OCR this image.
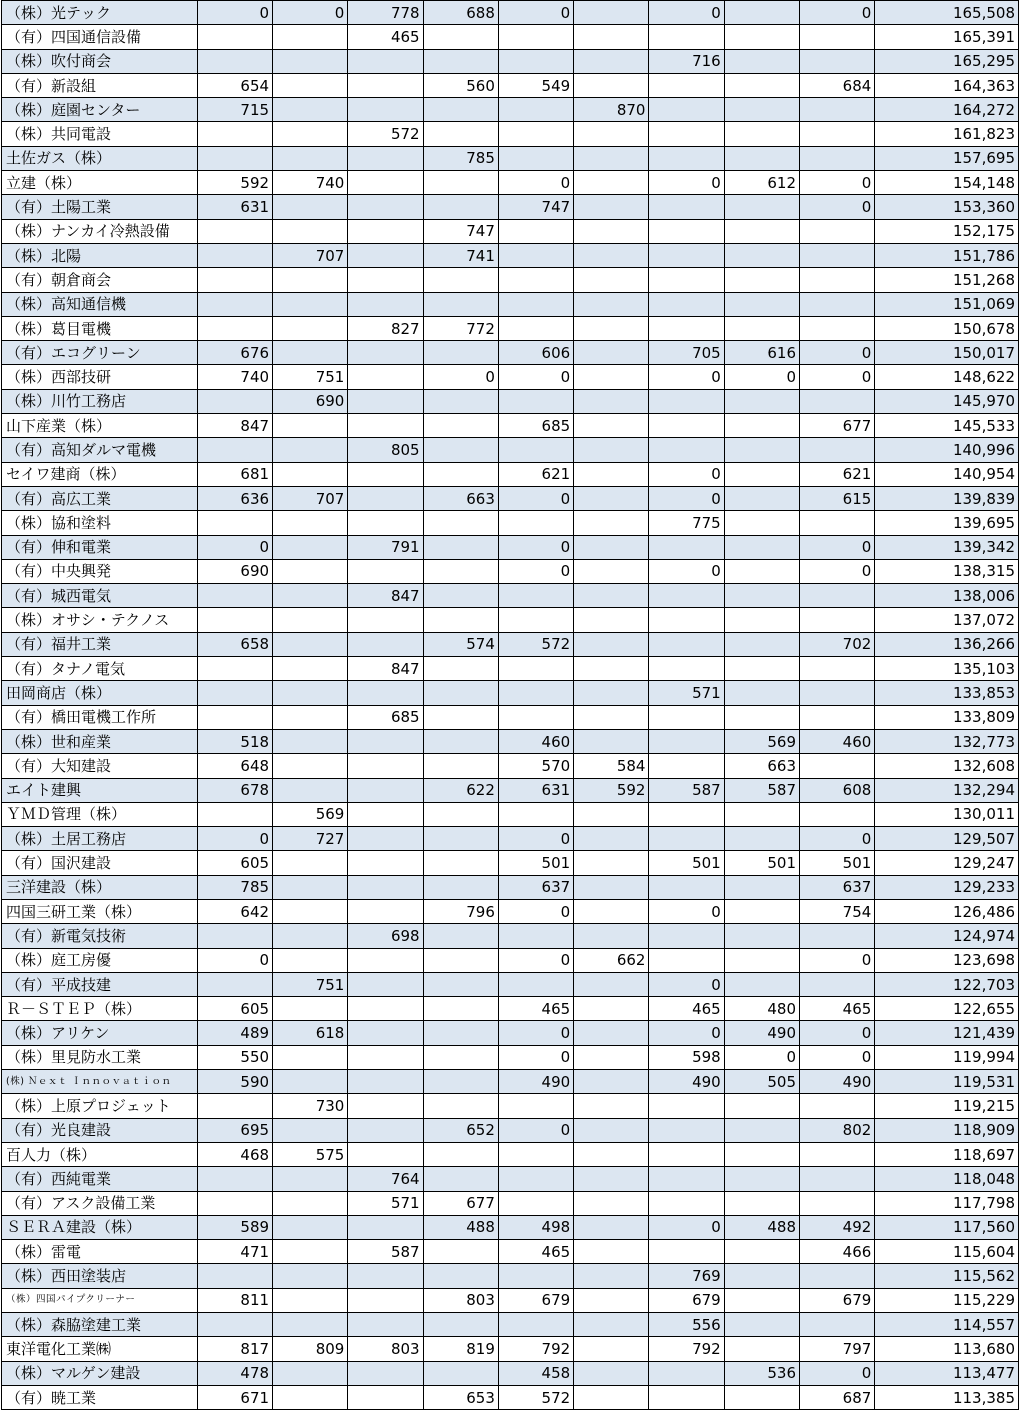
（株）光テック	0	0	778	688	0		0		0	165,508
（有）四国通信設備			465							165,391
（株）吹付商会							716			165,295
（有）新設組	654			560	549				684	164,363
（株）庭園センター	715					870				164,272
（株）共同電設			572							161,823
土佐ガス（株）				785						157,695
立建（株）	592	740			0		0	612	0	154,148
（有）土陽工業	631				747				0	153,360
（株）ナンカイ冷熱設備				747						152,175
（株）北陽		707		741						151,786
（有）朝倉商会										151,268
（株）高知通信機										151,069
（株）葛目電機			827	772						150,678
（有）エコグリーン	676				606		705	616	0	150,017
（株）西部技研	740	751		0	0		0	0	0	148,622
（株）川竹工務店		690								145,970
山下産業（株）	847				685				677	145,533
（有）高知ダルマ電機			805							140,996
セイワ建商（株）	681				621		0		621	140,954
（有）高広工業	636	707		663	0		0		615	139,839
（株）協和塗料							775			139,695
（有）伸和電業	0		791		0				0	139,342
（有）中央興発	690				0		0		0	138,315
（有）城西電気			847							138,006
（株）オサシ・テクノス										137,072
（有）福井工業	658			574	572				702	136,266
（有）タナノ電気			847							135,103
田岡商店（株）							571			133,853
（有）橋田電機工作所			685							133,809
（株）世和産業	518				460			569	460	132,773
（有）大知建設	648				570	584		663		132,608
エイト建興	678			622	631	592	587	587	608	132,294
ＹＭＤ管理（株）		569								130,011
（株）土居工務店	0	727			0				0	129,507
（有）国沢建設	605				501		501	501	501	129,247
三洋建設（株）	785				637				637	129,233
四国三研工業（株）	642			796	0		0		754	126,486
（有）新電気技術			698							124,974
（株）庭工房優	0				0	662			0	123,698
（有）平成技建		751					0			122,703
Ｒ－ＳＴＥＰ（株）	605				465		465	480	465	122,655
（株）アリケン	489	618			0		0	490	0	121,439
（株）里見防水工業	550				0		598	0	0	119,994
(株) Ｎｅｘｔ Ｉｎｎｏｖａｔｉｏｎ	590				490		490	505	490	119,531
（株）上原プロジェット		730								119,215
（有）光良建設	695			652	0				802	118,909
百人力（株）	468	575								118,697
（有）西純電業			764							118,048
（有）アスク設備工業			571	677						117,798
ＳＥＲＡ建設（株）	589			488	498		0	488	492	117,560
（株）雷電	471		587		465				466	115,604
（株）西田塗装店							769			115,562
（株）四国パイプクリーナー	811			803	679		679		679	115,229
（株）森脇塗建工業							556			114,557
東洋電化工業㈱	817	809	803	819	792		792		797	113,680
（株）マルゲン建設	478				458			536	0	113,477
（有）暁工業	671			653	572				687	113,385
